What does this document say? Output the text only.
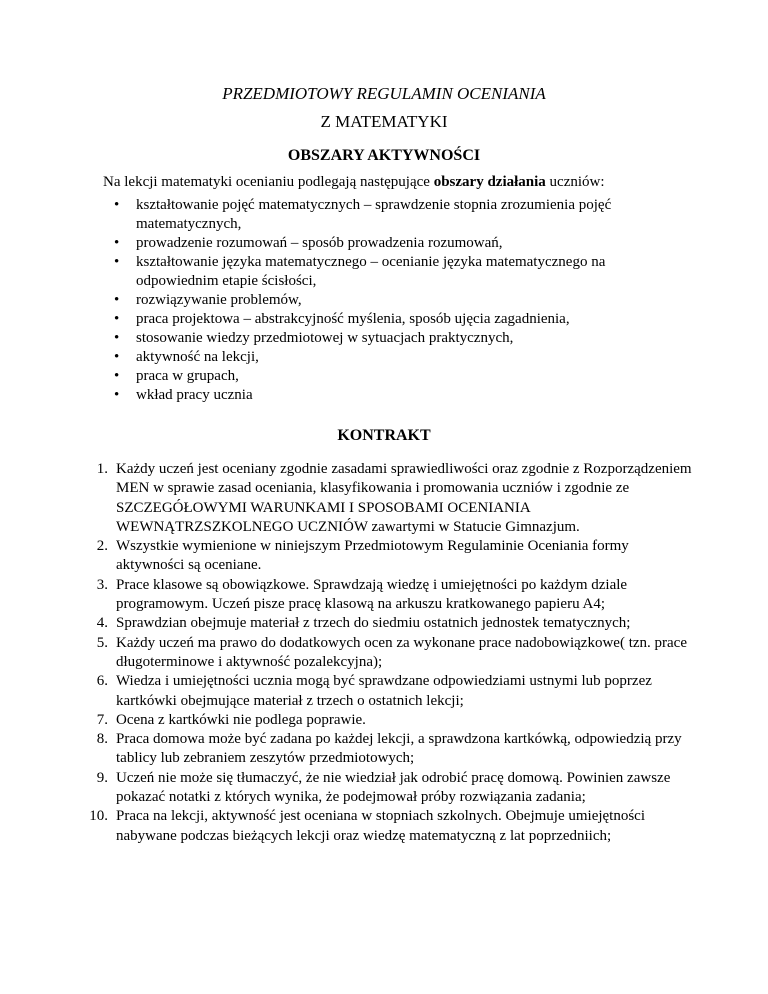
PRZEDMIOTOWY REGULAMIN OCENIANIA
Z MATEMATYKI
OBSZARY AKTYWNOŚCI
Na lekcji matematyki ocenianiu podlegają następujące obszary działania uczniów:
• kształtowanie pojęć matematycznych – sprawdzenie stopnia zrozumienia pojęć matematycznych,
• prowadzenie rozumowań – sposób prowadzenia rozumowań,
• kształtowanie języka matematycznego – ocenianie języka matematycznego na odpowiednim etapie ścisłości,
• rozwiązywanie problemów,
• praca projektowa – abstrakcyjność myślenia, sposób ujęcia zagadnienia,
• stosowanie wiedzy przedmiotowej w sytuacjach praktycznych,
• aktywność na lekcji,
• praca w grupach,
• wkład pracy ucznia
KONTRAKT
1. Każdy uczeń jest oceniany zgodnie zasadami sprawiedliwości oraz zgodnie z Rozporządzeniem MEN w sprawie zasad oceniania, klasyfikowania i promowania uczniów i zgodnie ze SZCZEGÓŁOWYMI WARUNKAMI I SPOSOBAMI OCENIANIA WEWNĄTRZSZKOLNEGO UCZNIÓW zawartymi w Statucie Gimnazjum.
2. Wszystkie wymienione w niniejszym Przedmiotowym Regulaminie Oceniania formy aktywności są oceniane.
3. Prace klasowe są obowiązkowe. Sprawdzają wiedzę i umiejętności po każdym dziale programowym. Uczeń pisze pracę klasową na arkuszu kratkowanego papieru A4;
4. Sprawdzian obejmuje materiał z trzech do siedmiu ostatnich jednostek tematycznych;
5. Każdy uczeń ma prawo do dodatkowych ocen za wykonane prace nadobowiązkowe( tzn. prace długoterminowe i aktywność pozalekcyjna);
6. Wiedza i umiejętności ucznia mogą być sprawdzane odpowiedziami ustnymi lub poprzez kartkówki obejmujące materiał z trzech o ostatnich lekcji;
7. Ocena z kartkówki nie podlega poprawie.
8. Praca domowa może być zadana po każdej lekcji, a sprawdzona kartkówką, odpowiedzią przy tablicy lub zebraniem zeszytów przedmiotowych;
9. Uczeń nie może się tłumaczyć, że nie wiedział jak odrobić pracę domową. Powinien zawsze pokazać notatki z których wynika, że podejmował próby rozwiązania zadania;
10. Praca na lekcji, aktywność jest oceniana w stopniach szkolnych. Obejmuje umiejętności nabywane podczas bieżących lekcji oraz wiedzę matematyczną z lat poprzedniich;
